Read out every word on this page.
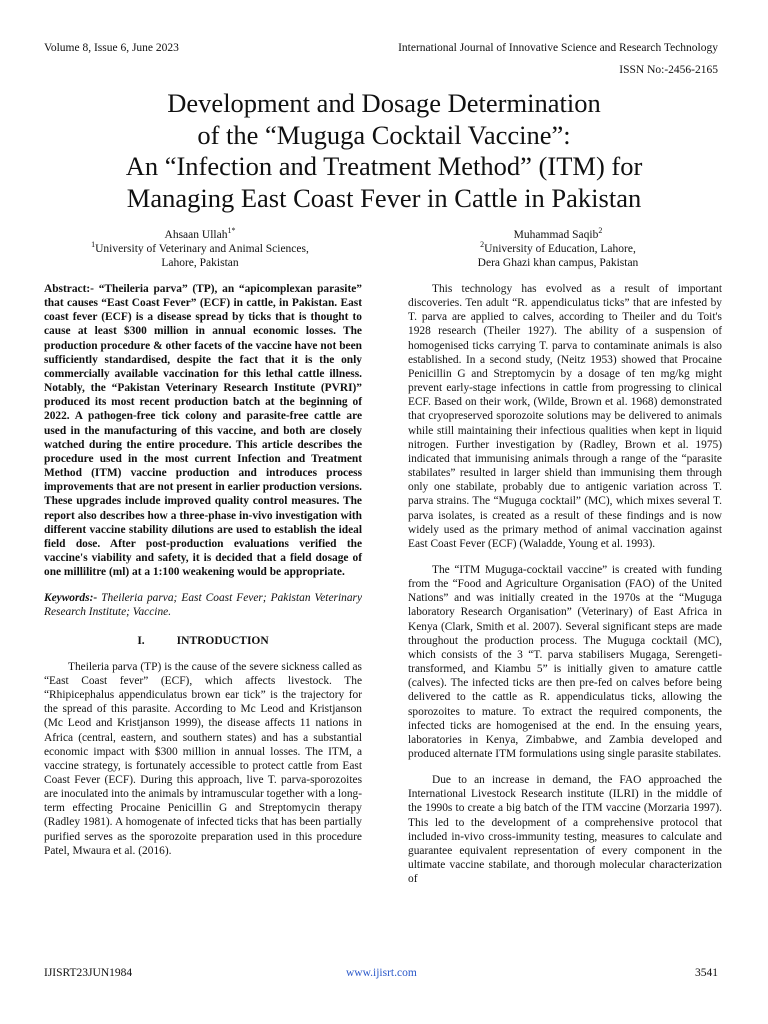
Volume 8, Issue 6, June 2023	International Journal of Innovative Science and Research Technology
ISSN No:-2456-2165
Development and Dosage Determination
of the “Muguga Cocktail Vaccine”:
An “Infection and Treatment Method” (ITM) for
Managing East Coast Fever in Cattle in Pakistan
Ahsaan Ullah$^{1*}$
$^1$University of Veterinary and Animal Sciences,
Lahore, Pakistan
Muhammad Saqib$^2$
$^2$University of Education, Lahore,
Dera Ghazi khan campus, Pakistan

Abstract:- “Theileria parva” (TP), an “apicomplexan parasite” that causes “East Coast Fever” (ECF) in cattle, in Pakistan. East coast fever (ECF) is a disease spread by ticks that is thought to cause at least $300 million in annual economic losses. The production procedure & other facets of the vaccine have not been sufficiently standardised, despite the fact that it is the only commercially available vaccination for this lethal cattle illness. Notably, the “Pakistan Veterinary Research Institute (PVRI)” produced its most recent production batch at the beginning of 2022. A pathogen-free tick colony and parasite-free cattle are used in the manufacturing of this vaccine, and both are closely watched during the entire procedure. This article describes the procedure used in the most current Infection and Treatment Method (ITM) vaccine production and introduces process improvements that are not present in earlier production versions. These upgrades include improved quality control measures. The report also describes how a three-phase in-vivo investigation with different vaccine stability dilutions are used to establish the ideal field dose. After post-production evaluations verified the vaccine's viability and safety, it is decided that a field dosage of one millilitre (ml) at a 1:100 weakening would be appropriate.

Keywords:- Theileria parva; East Coast Fever; Pakistan Veterinary Research Institute; Vaccine.

I.	INTRODUCTION

Theileria parva (TP) is the cause of the severe sickness called as “East Coast fever” (ECF), which affects livestock. The “Rhipicephalus appendiculatus brown ear tick” is the trajectory for the spread of this parasite. According to Mc Leod and Kristjanson (Mc Leod and Kristjanson 1999), the disease affects 11 nations in Africa (central, eastern, and southern states) and has a substantial economic impact with $300 million in annual losses. The ITM, a vaccine strategy, is fortunately accessible to protect cattle from East Coast Fever (ECF). During this approach, live T. parva-sporozoites are inoculated into the animals by intramuscular together with a long-term effecting Procaine Penicillin G and Streptomycin therapy (Radley 1981). A homogenate of infected ticks that has been partially purified serves as the sporozoite preparation used in this procedure Patel, Mwaura et al. (2016).

This technology has evolved as a result of important discoveries. Ten adult “R. appendiculatus ticks” that are infested by T. parva are applied to calves, according to Theiler and du Toit's 1928 research (Theiler 1927). The ability of a suspension of homogenised ticks carrying T. parva to contaminate animals is also established. In a second study, (Neitz 1953) showed that Procaine Penicillin G and Streptomycin by a dosage of ten mg/kg might prevent early-stage infections in cattle from progressing to clinical ECF. Based on their work, (Wilde, Brown et al. 1968) demonstrated that cryopreserved sporozoite solutions may be delivered to animals while still maintaining their infectious qualities when kept in liquid nitrogen. Further investigation by (Radley, Brown et al. 1975) indicated that immunising animals through a range of the “parasite stabilates” resulted in larger shield than immunising them through only one stabilate, probably due to antigenic variation across T. parva strains. The “Muguga cocktail” (MC), which mixes several T. parva isolates, is created as a result of these findings and is now widely used as the primary method of animal vaccination against East Coast Fever (ECF) (Waladde, Young et al. 1993).

The “ITM Muguga-cocktail vaccine” is created with funding from the “Food and Agriculture Organisation (FAO) of the United Nations” and was initially created in the 1970s at the “Muguga laboratory Research Organisation” (Veterinary) of East Africa in Kenya (Clark, Smith et al. 2007). Several significant steps are made throughout the production process. The Muguga cocktail (MC), which consists of the 3 “T. parva stabilisers Mugaga, Serengeti-transformed, and Kiambu 5” is initially given to amature cattle (calves). The infected ticks are then pre-fed on calves before being delivered to the cattle as R. appendiculatus ticks, allowing the sporozoites to mature. To extract the required components, the infected ticks are homogenised at the end. In the ensuing years, laboratories in Kenya, Zimbabwe, and Zambia developed and produced alternate ITM formulations using single parasite stabilates.

Due to an increase in demand, the FAO approached the International Livestock Research institute (ILRI) in the middle of the 1990s to create a big batch of the ITM vaccine (Morzaria 1997). This led to the development of a comprehensive protocol that included in-vivo cross-immunity testing, measures to calculate and guarantee equivalent representation of every component in the ultimate vaccine stabilate, and thorough molecular characterization of

IJISRT23JUN1984	www.ijisrt.com	3541
